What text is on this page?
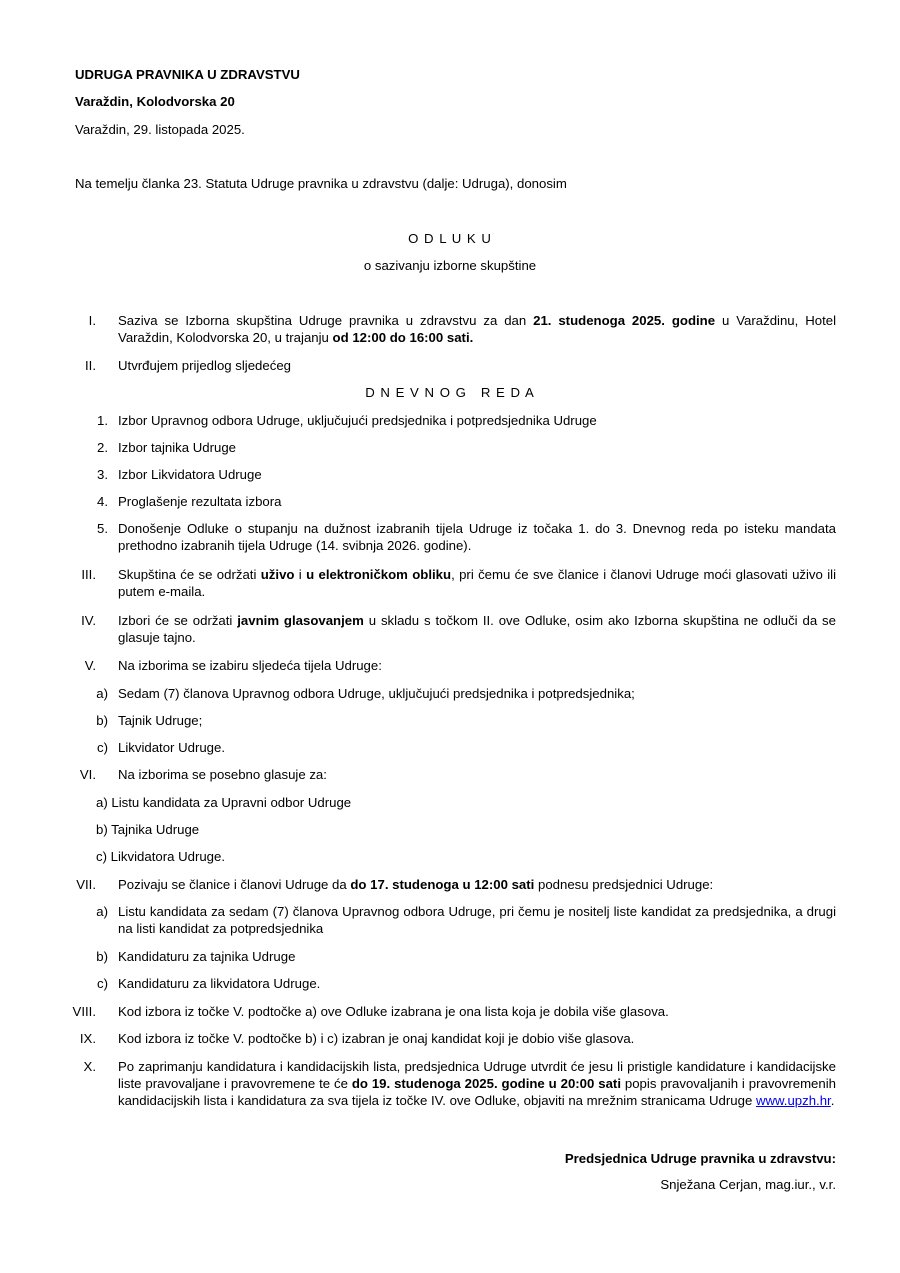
UDRUGA PRAVNIKA U ZDRAVSTVU
Varaždin, Kolodvorska 20
Varaždin, 29. listopada 2025.
Na temelju članka 23. Statuta Udruge pravnika u zdravstvu (dalje: Udruga), donosim
O D L U K U
o sazivanju izborne skupštine
I. Saziva se Izborna skupština Udruge pravnika u zdravstvu za dan 21. studenoga 2025. godine u Varaždinu, Hotel Varaždin, Kolodvorska 20, u trajanju od 12:00 do 16:00 sati.
II. Utvrđujem prijedlog sljedećeg
D N E V N O G   R E D A
1. Izbor Upravnog odbora Udruge, uključujući predsjednika i potpredsjednika Udruge
2. Izbor tajnika Udruge
3. Izbor Likvidatora Udruge
4. Proglašenje rezultata izbora
5. Donošenje Odluke o stupanju na dužnost izabranih tijela Udruge iz točaka 1. do 3. Dnevnog reda po isteku mandata prethodno izabranih tijela Udruge (14. svibnja 2026. godine).
III. Skupština će se održati uživo i u elektroničkom obliku, pri čemu će sve članice i članovi Udruge moći glasovati uživo ili putem e-maila.
IV. Izbori će se održati javnim glasovanjem u skladu s točkom II. ove Odluke, osim ako Izborna skupština ne odluči da se glasuje tajno.
V. Na izborima se izabiru sljedeća tijela Udruge:
a) Sedam (7) članova Upravnog odbora Udruge, uključujući predsjednika i potpredsjednika;
b) Tajnik Udruge;
c) Likvidator Udruge.
VI. Na izborima se posebno glasuje za:
a) Listu kandidata za Upravni odbor Udruge
b) Tajnika Udruge
c) Likvidatora Udruge.
VII. Pozivaju se članice i članovi Udruge da do 17. studenoga u 12:00 sati podnesu predsjednici Udruge:
a) Listu kandidata za sedam (7) članova Upravnog odbora Udruge, pri čemu je nositelj liste kandidat za predsjednika, a drugi na listi kandidat za potpredsjednika
b) Kandidaturu za tajnika Udruge
c) Kandidaturu za likvidatora Udruge.
VIII. Kod izbora iz točke V. podtočke a) ove Odluke izabrana je ona lista koja je dobila više glasova.
IX. Kod izbora iz točke V. podtočke b) i c) izabran je onaj kandidat koji je dobio više glasova.
X. Po zaprimanju kandidatura i kandidacijskih lista, predsjednica Udruge utvrdit će jesu li pristigle kandidature i kandidacijske liste pravovaljane i pravovremene te će do 19. studenoga 2025. godine u 20:00 sati popis pravovaljanih i pravovremenih kandidacijskih lista i kandidatura za sva tijela iz točke IV. ove Odluke, objaviti na mrežnim stranicama Udruge www.upzh.hr.
Predsjednica Udruge pravnika u zdravstvu:
Snježana Cerjan, mag.iur., v.r.
